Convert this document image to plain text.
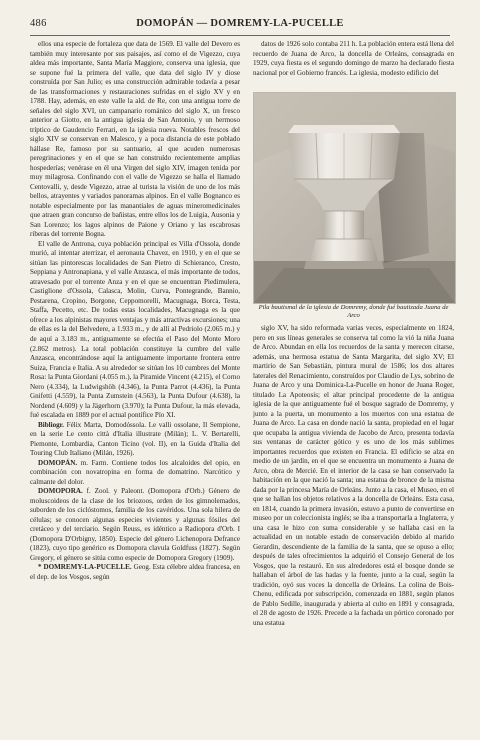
486	DOMOPÁN — DOMREMY-LA-PUCELLE

ellos una especie de fortaleza que data de 1569. El valle del Devero es también muy interesante por sus paisajes, así como el de Vigezzo, cuya aldea más importante, Santa María Maggiore, conserva una iglesia, que se supone fué la primera del valle, que data del siglo IV y diose construída por San Julio; es una construcción admirable todavía a pesar de las transformaciones y restauraciones sufridas en el siglo XV y en 1788. Hay, además, en este valle la ald. de Re, con una antigua torre de señales del siglo XVI, un campanario románico del siglo X, un fresco anterior a Giotto, en la antigua iglesia de San Antonio, y un hermoso tríptico de Gaudencio Ferrari, en la iglesia nueva. Notables frescos del siglo XIV se conservan en Malesco, y a poca distancia de este poblado hállase Re, famoso por su santuario, al que acuden numerosas peregrinaciones y en el que se han construído recientemente amplias hospederías; venérase en él una Virgen del siglo XIV, imagen tenida por muy milagrosa. Confinando con el valle de Vigezzo se halla el llamado Centovalli, y, desde Vigezzo, atrae al turista la visión de uno de los más bellos, atrayentes y variados panoramas alpinos. En el valle Bognanco es notable especialmente por las manantiales de aguas mineromedicinales que atraen gran concurso de bañistas, entre ellos los de Luigia, Ausonia y San Lorenzo; los lagos alpinos de Paione y Oriano y las escabrosas riberas del torrente Bogna.

El valle de Antrona, cuya población principal es Villa d'Ossola, donde murió, al intentar aterrizar, el aeronauta Chavez, en 1910, y en el que se sitúan las pintorescas localidades de San Pietro di Schieranco, Cresto, Seppiana y Antronapiana, y el valle Anzasca, el más importante de todos, atravesado por el torrente Anza y en el que se encuentran Piedimulera, Castiglione d'Ossola, Calasca, Molin, Curva, Pontegrande, Bannio, Pestarena, Cropino, Borgone, Ceppomorelli, Macugnaga, Borca, Testa, Staffa, Pecetto, etc. De todas estas localidades, Macugnaga es la que ofrece a los alpinistas mayores ventajas y más atractivas excursiones; una de ellas es la del Belvedere, a 1.933 m., y de allí al Pedriolo (2.065 m.) y de aquí a 3.183 m., antiguamente se efectúa el Paso del Monte Moro (2.862 metros). La total población constituye la cumbre del valle Anzasca, encontrándose aquí la antiguamente importante frontera entre Suiza, Francia e Italia. A su alrededor se sitúan los 10 cumbres del Monte Rosa: la Punta Giordani (4.055 m.), la Piramide Vincent (4.215), el Corno Nero (4.334), la Ludwigshöh (4.346), la Punta Parrot (4.436), la Punta Gnifetti (4.559), la Punta Zumstein (4.563), la Punta Dufour (4.638), la Nordend (4.609) y la Jägerhorn (3.970); la Punta Dufour, la más elevada, fué escalada en 1889 por el actual pontífice Pío XI.

Bibliogr. Félix Marta, Domodóssola. Le valli ossolane, Il Sempione, en la serie Le cento città d'Italia illustrate (Milán); L. V. Bertarelli, Piemonte, Lombardia, Canton Ticino (vol. II), en la Guida d'Italia del Touring Club Italiano (Milán, 1926).

DOMOPÁN. m. Farm. Contiene todos los alcaloides del opio, en combinación con novatropina en forma de domatrino. Narcótico y calmante del dolor.

DOMOPORA. f. Zool. y Paleont. (Domopora d'Orb.) Género de moluscoideos de la clase de los briozoos, orden de los gimnolemados, suborden de los ciclóstomos, familia de los cavéridos. Una sola hilera de células; se conocen algunas especies vivientes y algunas fósiles del cretáceo y del terciario. Según Reuss, es idéntico a Radiopora d'Orb. I (Domopora D'Orbigny, 1850). Especie del género Lichenopora Defrance (1823), cuyo tipo genérico es Domopora clavula Goldfuss (1827). Según Gregory, el género se sitúa como especie de Domopora Gregory (1909).

* DOMREMY-LA-PUCELLE. Geog. Esta célebre aldea francesa, en el dep. de los Vosgos, según

datos de 1926 solo contaba 211 h. La población entera está llena del recuerdo de Juana de Arco, la doncella de Orleáns, consagrada en 1929, cuya fiesta es el segundo domingo de marzo ha declarado fiesta nacional por el Gobierno francés. La iglesia, modesto edificio del

Pila bautismal de la iglesia de Domremy, donde fué bautizada Juana de Arco

siglo XV, ha sido reformada varias veces, especialmente en 1824, pero en sus líneas generales se conserva tal como la vió la niña Juana de Arco. Abundan en ella los recuerdos de la santa y merecen citarse, además, una hermosa estatua de Santa Margarita, del siglo XV; El martirio de San Sebastián, pintura mural de 1586; los dos altares laterales del Renacimiento, construídos por Claudio de Lys, sobrino de Juana de Arco y una Dominica-La-Pucelle en honor de Juana Roger, titulado La Apoteosis; el altar principal procedente de la antigua iglesia de la que antiguamente fué el bosque sagrado de Domremy, y junto a la puerta, un monumento a los muertos con una estatua de Juana de Arco. La casa en donde nació la santa, propiedad en el lugar que ocupaba la antigua vivienda de Jacobo de Arco, presenta todavía sus ventanas de carácter gótico y es uno de los más sublimes importantes recuerdos que existen en Francia. El edificio se alza en medio de un jardín, en el que se encuentra un monumento a Juana de Arco, obra de Mercié. En el interior de la casa se han conservado la habitación en la que nació la santa; una estatua de bronce de la misma dada por la princesa María de Orleáns. Junto a la casa, el Museo, en el que se hallan los objetos relativos a la doncella de Orleáns. Esta casa, en 1814, cuando la primera invasión, estuvo a punto de convertirse en museo por un coleccionista inglés; se iba a transportarla a Inglaterra, y una casa le hizo con suma considerable y se hallaba casi en la actualidad en un notable estado de conservación debido al marido Gerardin, descendiente de la familia de la santa, que se opuso a ello; después de tales ofrecimientos la adquirió el Consejo General de los Vosgos, que la restauró. En sus alrededores está el bosque donde se hallaban el árbol de las hadas y la fuente, junto a la cual, según la tradición, oyó sus voces la doncella de Orleáns. La colina de Bois-Chenu, edificada por subscripción, comenzada en 1881, según planos de Pablo Sedille, inaugurada y abierta al culto en 1891 y consagrada, el 28 de agosto de 1926. Precede a la fachada un pórtico coronado por una estatua
